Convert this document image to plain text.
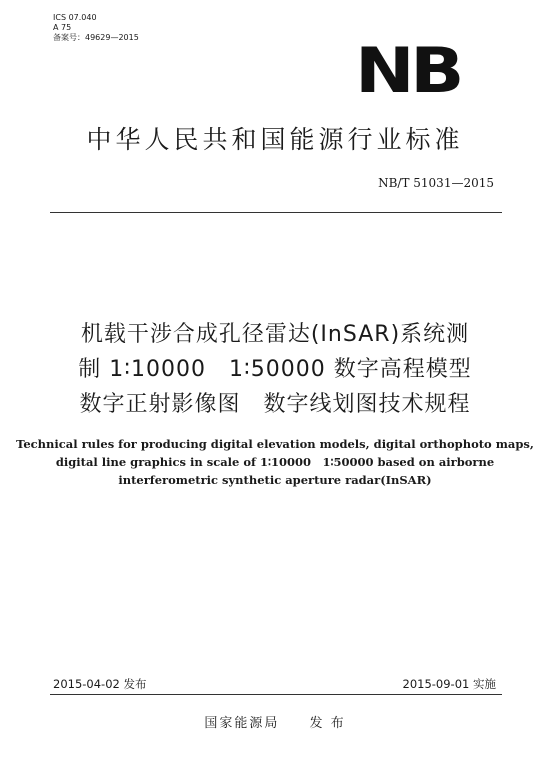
ICS 07.040
A 75
备案号：49629—2015	NB
中华人民共和国能源行业标准
NB/T 51031—2015
机载干涉合成孔径雷达(InSAR)系统测
制 1∶10000　1∶50000 数字高程模型
数字正射影像图　数字线划图技术规程
Technical rules for producing digital elevation models, digital orthophoto maps,
digital line graphics in scale of 1∶10000　1∶50000 based on airborne
interferometric synthetic aperture radar(InSAR)
2015-04-02 发布	2015-09-01 实施
国家能源局 发 布
